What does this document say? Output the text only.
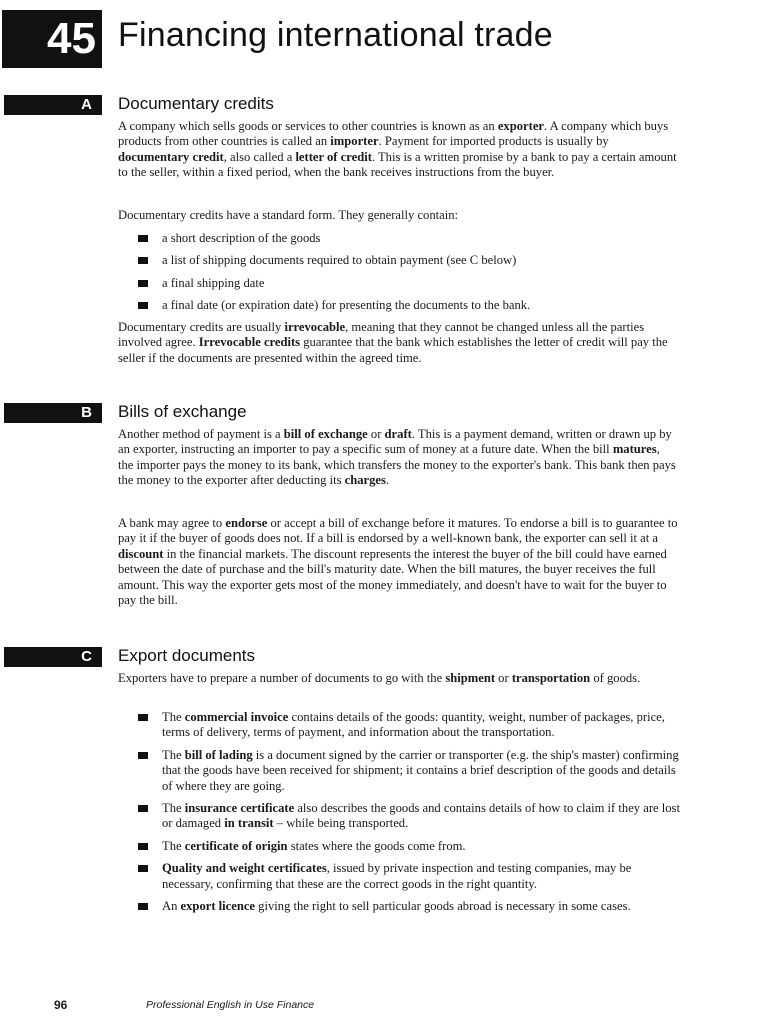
45 Financing international trade
A	Documentary credits

A company which sells goods or services to other countries is known as an exporter. A company which buys products from other countries is called an importer. Payment for imported products is usually by documentary credit, also called a letter of credit. This is a written promise by a bank to pay a certain amount to the seller, within a fixed period, when the bank receives instructions from the buyer.

Documentary credits have a standard form. They generally contain:

a short description of the goods
a list of shipping documents required to obtain payment (see C below)
a final shipping date
a final date (or expiration date) for presenting the documents to the bank.

Documentary credits are usually irrevocable, meaning that they cannot be changed unless all the parties involved agree. Irrevocable credits guarantee that the bank which establishes the letter of credit will pay the seller if the documents are presented within the agreed time.

B	Bills of exchange

Another method of payment is a bill of exchange or draft. This is a payment demand, written or drawn up by an exporter, instructing an importer to pay a specific sum of money at a future date. When the bill matures, the importer pays the money to its bank, which transfers the money to the exporter's bank. This bank then pays the money to the exporter after deducting its charges.

A bank may agree to endorse or accept a bill of exchange before it matures. To endorse a bill is to guarantee to pay it if the buyer of goods does not. If a bill is endorsed by a well-known bank, the exporter can sell it at a discount in the financial markets. The discount represents the interest the buyer of the bill could have earned between the date of purchase and the bill's maturity date. When the bill matures, the buyer receives the full amount. This way the exporter gets most of the money immediately, and doesn't have to wait for the buyer to pay the bill.

C	Export documents

Exporters have to prepare a number of documents to go with the shipment or transportation of goods.

The commercial invoice contains details of the goods: quantity, weight, number of packages, price, terms of delivery, terms of payment, and information about the transportation.
The bill of lading is a document signed by the carrier or transporter (e.g. the ship's master) confirming that the goods have been received for shipment; it contains a brief description of the goods and details of where they are going.
The insurance certificate also describes the goods and contains details of how to claim if they are lost or damaged in transit – while being transported.
The certificate of origin states where the goods come from.
Quality and weight certificates, issued by private inspection and testing companies, may be necessary, confirming that these are the correct goods in the right quantity.
An export licence giving the right to sell particular goods abroad is necessary in some cases.
96	Professional English in Use Finance
